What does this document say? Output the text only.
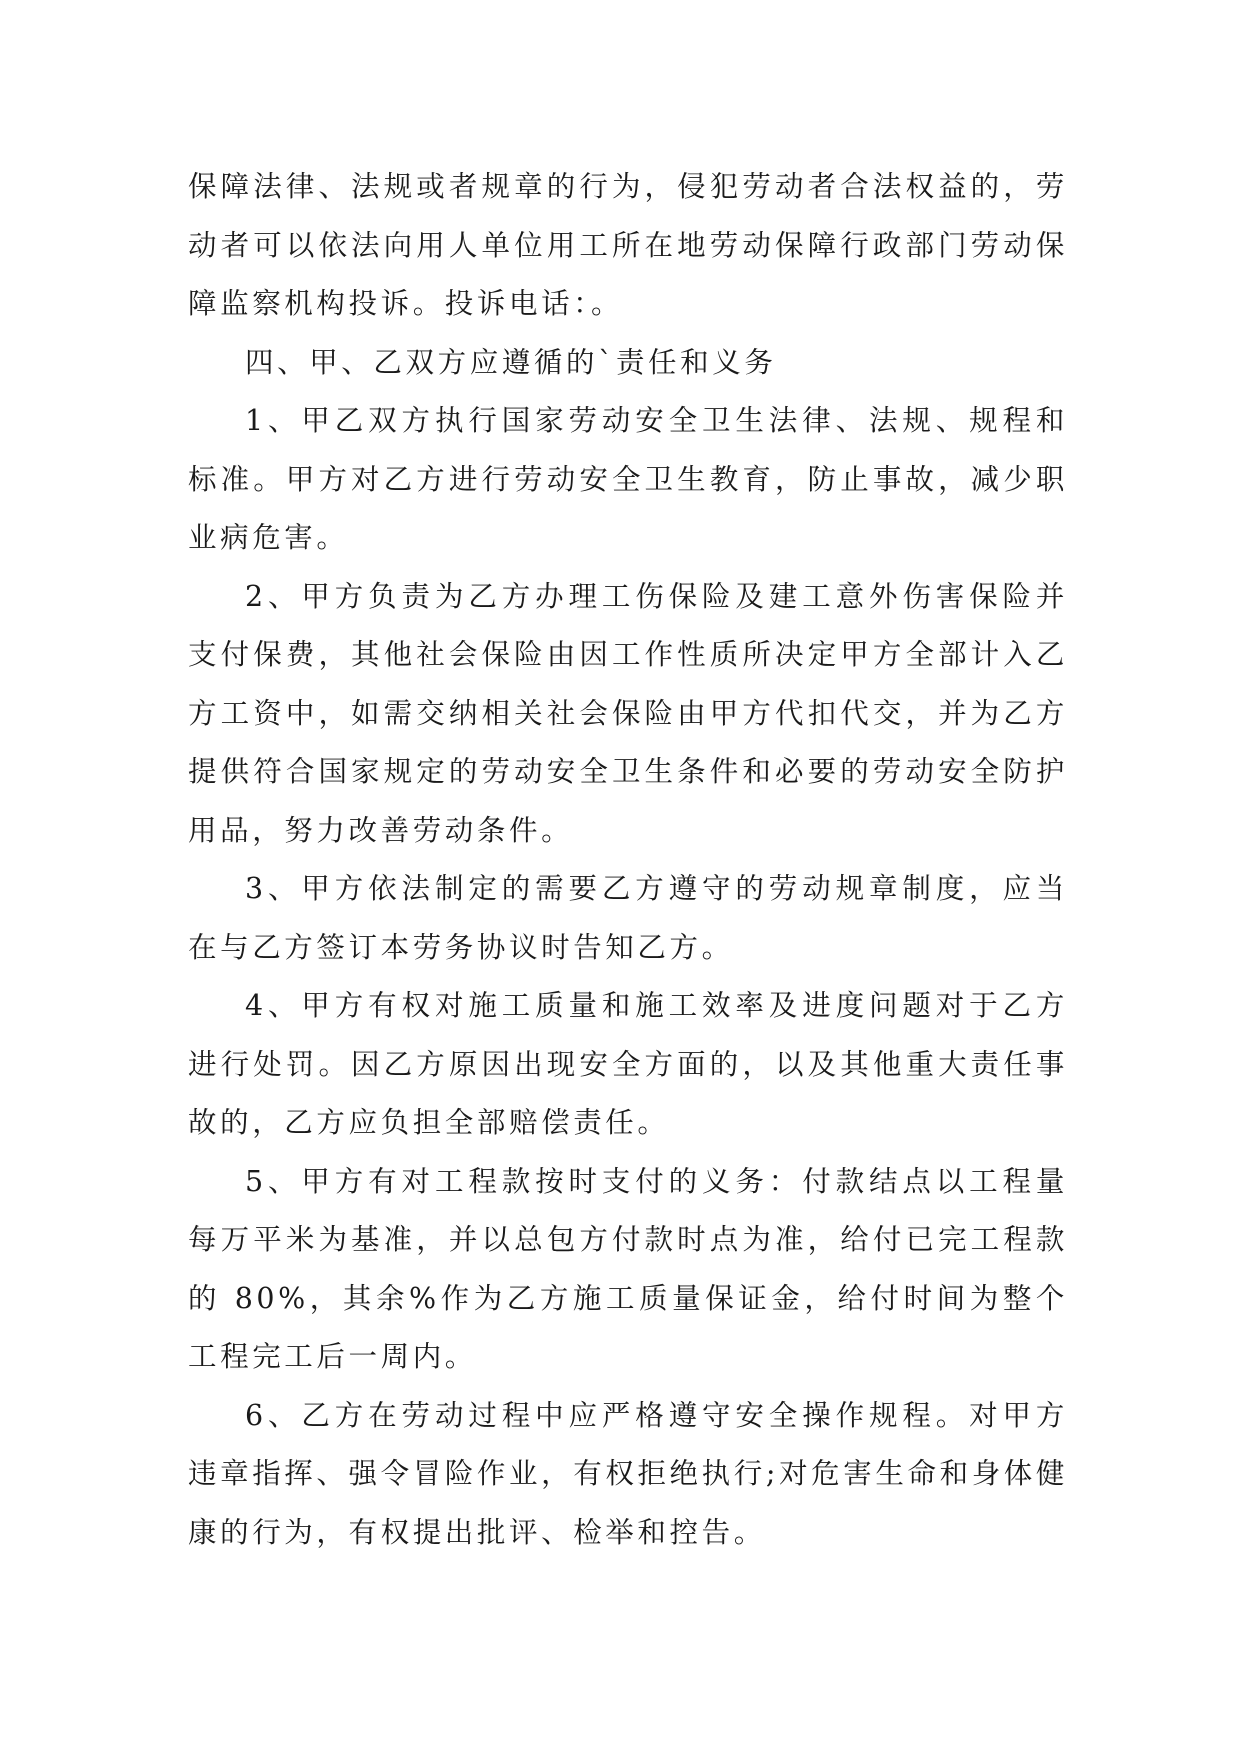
保障法律、法规或者规章的行为，侵犯劳动者合法权益的，劳动者可以依法向用人单位用工所在地劳动保障行政部门劳动保障监察机构投诉。投诉电话：。

四、甲、乙双方应遵循的`责任和义务

1、甲乙双方执行国家劳动安全卫生法律、法规、规程和标准。甲方对乙方进行劳动安全卫生教育，防止事故，减少职业病危害。

2、甲方负责为乙方办理工伤保险及建工意外伤害保险并支付保费，其他社会保险由因工作性质所决定甲方全部计入乙方工资中，如需交纳相关社会保险由甲方代扣代交，并为乙方提供符合国家规定的劳动安全卫生条件和必要的劳动安全防护用品，努力改善劳动条件。

3、甲方依法制定的需要乙方遵守的劳动规章制度，应当在与乙方签订本劳务协议时告知乙方。

4、甲方有权对施工质量和施工效率及进度问题对于乙方进行处罚。因乙方原因出现安全方面的，以及其他重大责任事故的，乙方应负担全部赔偿责任。

5、甲方有对工程款按时支付的义务：付款结点以工程量每万平米为基准，并以总包方付款时点为准，给付已完工程款的 80%，其余%作为乙方施工质量保证金，给付时间为整个工程完工后一周内。

6、乙方在劳动过程中应严格遵守安全操作规程。对甲方违章指挥、强令冒险作业，有权拒绝执行;对危害生命和身体健康的行为，有权提出批评、检举和控告。
